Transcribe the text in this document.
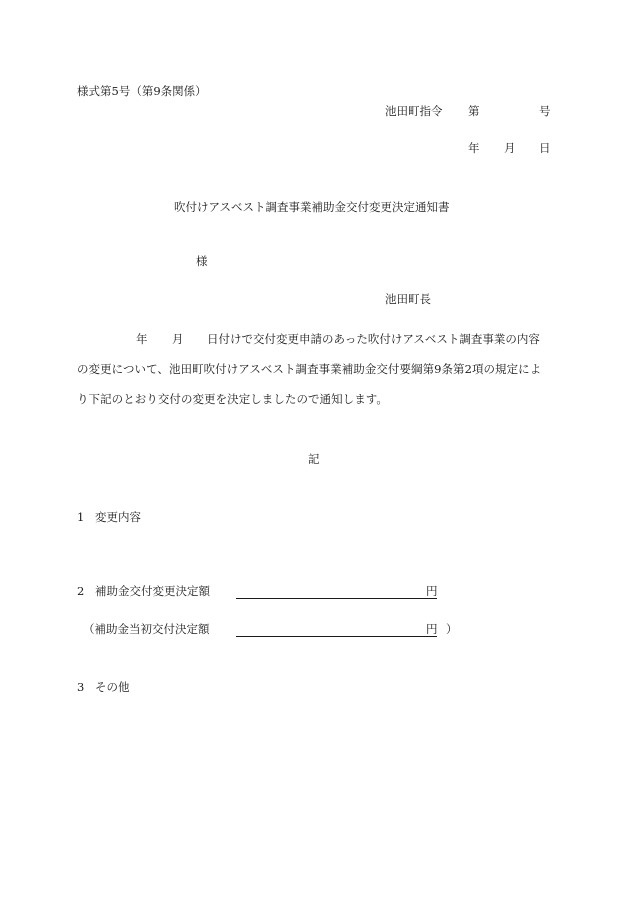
様式第5号（第9条関係）
池田町指令 第	号
年 月 日
吹付けアスベスト調査事業補助金交付変更決定通知書
様
池田町長
年 月 日付けで交付変更申請のあった吹付けアスベスト調査事業の内容
の変更について、池田町吹付けアスベスト調査事業補助金交付要綱第9条第2項の規定によ
り下記のとおり交付の変更を決定しましたので通知します。
記
1 変更内容
2 補助金交付変更決定額	円
（補助金当初交付決定額	円 ）
3 その他
